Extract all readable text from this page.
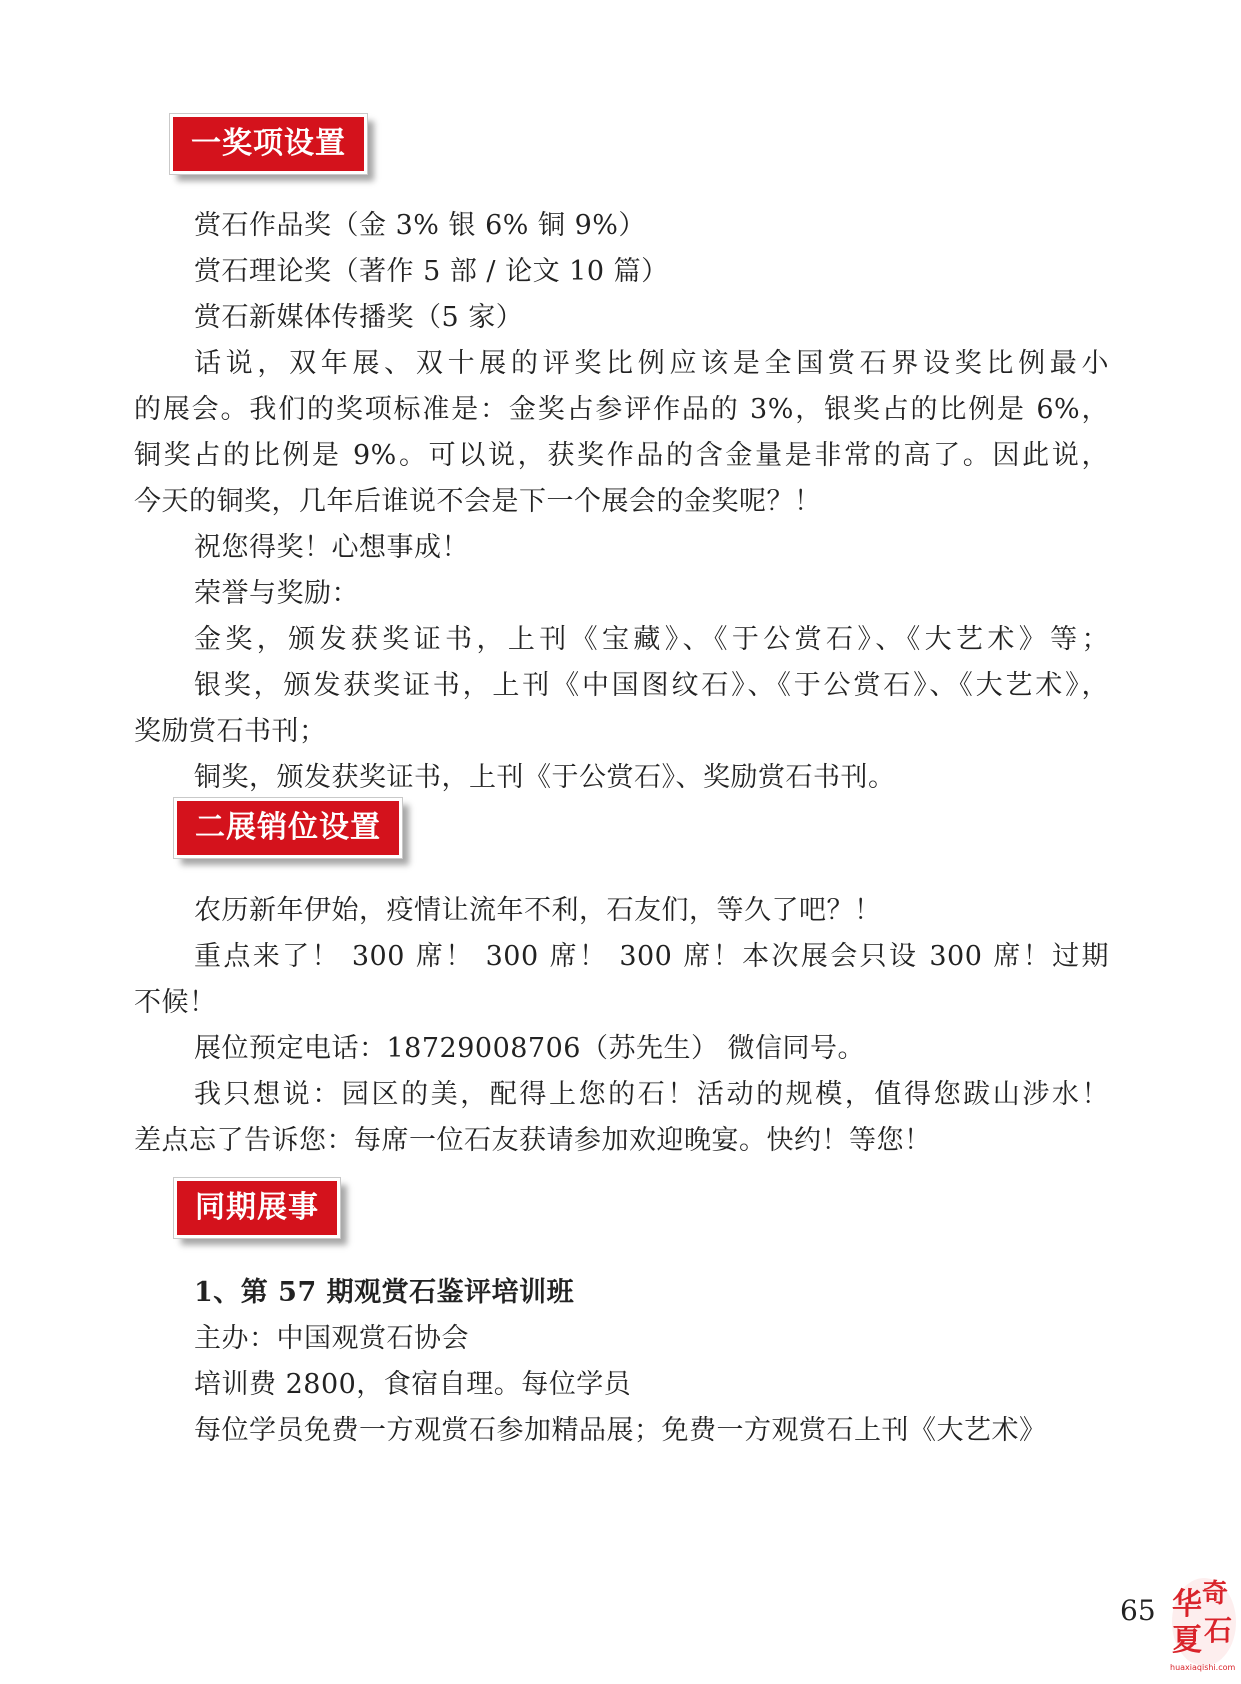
一奖项设置
赏石作品奖（金 3% 银 6% 铜 9%）
赏石理论奖（著作 5 部 / 论文 10 篇）
赏石新媒体传播奖（5 家）
话说，双年展、双十展的评奖比例应该是全国赏石界设奖比例最小
的展会。我们的奖项标准是：金奖占参评作品的 3%，银奖占的比例是 6%，
铜奖占的比例是 9%。可以说，获奖作品的含金量是非常的高了。因此说，
今天的铜奖，几年后谁说不会是下一个展会的金奖呢？！
祝您得奖！心想事成！
荣誉与奖励：
金奖，颁发获奖证书，上刊《宝藏》、《于公赏石》、《大艺术》等；
银奖，颁发获奖证书，上刊《中国图纹石》、《于公赏石》、《大艺术》，
奖励赏石书刊；
铜奖，颁发获奖证书，上刊《于公赏石》、奖励赏石书刊。
二展销位设置
农历新年伊始，疫情让流年不利，石友们，等久了吧？！
重点来了！ 300 席！ 300 席！ 300 席！本次展会只设 300 席！过期
不候！
展位预定电话：18729008706（苏先生） 微信同号。
我只想说：园区的美，配得上您的石！活动的规模，值得您跋山涉水！
差点忘了告诉您：每席一位石友获请参加欢迎晚宴。快约！等您！
同期展事
1、第 57 期观赏石鉴评培训班
主办：中国观赏石协会
培训费 2800，食宿自理。每位学员
每位学员免费一方观赏石参加精品展；免费一方观赏石上刊《大艺术》
65 华 奇
夏 石
huaxiaqishi.com
